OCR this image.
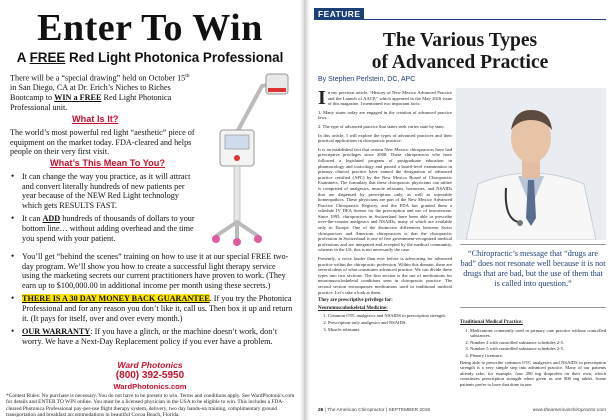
Enter To Win
A FREE Red Light Photonica Professional
There will be a “special drawing” held on October 15th in San Diego, CA at Dr. Erich’s Niches to Riches Bootcamp to WIN a FREE Red Light Photonica Professional unit.
What Is It?
The world’s most powerful red light “aesthetic” piece of equipment on the market today. FDA-cleared and helps people on their very first visit.
What’s This Mean To You?
• It can change the way you practice, as it will attract and convert literally hundreds of new patients per year because of the NEW Red Light technology which gets RESULTS FAST.
• It can ADD hundreds of thousands of dollars to your bottom line… without adding overhead and the time you spend with your patient.
• You’ll get “behind the scenes” training on how to use it at our special FREE two-day program. We’ll show you how to create a successful light therapy service using the marketing secrets our current practitioners have proven to work. (They earn up to $100,000.00 in additional income per month using these secrets.)
• THERE IS A 30 DAY MONEY BACK GUARANTEE. If you try the Photonica Professional and for any reason you don’t like it, call us. Then box it up and return it. (It pays for itself, over and over every month.)
• OUR WARRANTY: If you have a glitch, or the machine doesn’t work, don’t worry. We have a Next-Day Replacement policy if you ever have a problem.
Ward Photonics
(800) 392-5950
WardPhotonics.com
*Contest Rules: No purchase is necessary. You do not have to be present to win. Terms and conditions apply. See WardPhotonics.com for details and ENTER TO WIN online. You must be a licensed physician in the USA to be eligible to win. This includes a FDA-cleared Photonica Professional pay-per-use flight therapy system, delivery, two day hands-on training, complimentary ground transportation and breakfast accommodations in beautiful Cocoa Beach, Florida.
FEATURE
The Various Types
of Advanced Practice
By Stephen Perlstein, DC, APC

In my previous article, “History of New Mexico Advanced Practice and the Launch of AACP,” which appeared in the May 2016 issue of this magazine, I mentioned two important facts:

1. Many states today are engaged in the creation of advanced practice laws.

2. The type of advanced practice that states seek varies state by state.

In this article, I will explore the types of advanced practices and their practical applications in chiropractic practice.

It is an established fact that certain New Mexico chiropractors have had prescriptive privileges since 2008. These chiropractors who have followed a legislated program of postgraduate education in pharmacology and toxicology and passed a board-level examination in primary clinical practice have earned the designation of advanced practice certified (APC) by the New Mexico Board of Chiropractic Examiners. The formulary that these chiropractic physicians can utilize is comprised of analgesics, muscle relaxants, hormones, and NSAIDs that are dispensed by prescription only, as well as injectable homeopathics. These physicians are part of the New Mexico Advanced Practice Chiropractic Registry, and the FDA has granted them a schedule IV DEA license for the prescription and use of testosterone. Since 1995, chiropractors in Switzerland have been able to prescribe over-the-counter analgesics and NSAIDs, many of which are available only in Europe. One of the distinctive differences between Swiss chiropractors and American chiropractors is that the chiropractic profession in Switzerland is one of five government-recognized medical professions and are integrated and accepted by the medical community, whereas in the US, this is not necessarily the case.

Presently, a voice louder than ever before is advocating for advanced practice within the chiropractic profession. Within this domain, there are several ideas of what constitutes advanced practice. We can divide these types into two sections. The first section is the use of medications for neuromusculoskeletal conditions seen in chiropractic practice. The second section encompasses medications used in traditional medical practice. Let’s take a look at them.

They are prescriptive privilege for:
Neuromusculoskeletal Medicine:
1. Common OTC analgesics and NSAIDS in prescription strength.
2. Prescription-only analgesics and NSAIDS.
3. Muscle relaxants.
“Chiropractic’s message that “drugs are bad” does not resonate well because it is not drugs that are bad, but the use of them that is called into question.”
Traditional Medical Practice:
1. Medications commonly used in primary care practice without controlled substances.
2. Number 4 with controlled substance schedules 2-5.
3. Number 5 with controlled substance schedules 2-5.
4. Plenary licensure.

Being able to prescribe common OTC analgesics and NSAIDS in prescription strength is a very simple step into advanced practice. Many of our patients already take, for example, four 200 mg ibuprofen on their own, which constitutes prescription strength when given as one 800 mg tablet. Some patients prefer to have that done in one

26 | The American Chiropractor | SEPTEMBER 2016	www.theamericanchiropractor.com
